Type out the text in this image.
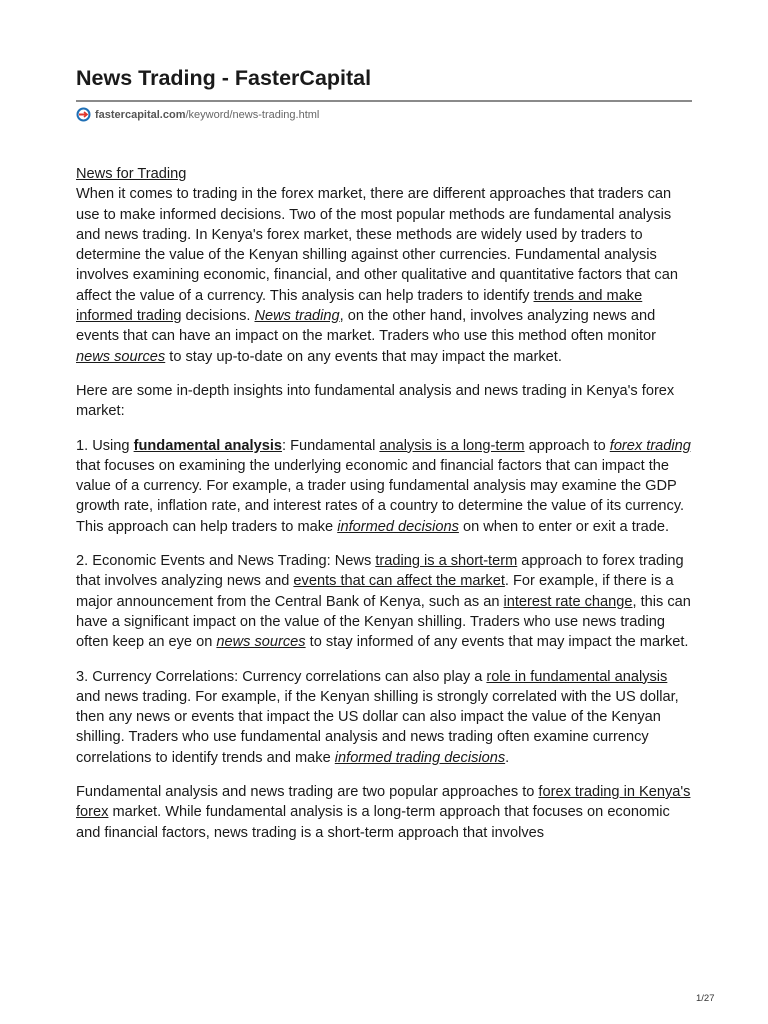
News Trading - FasterCapital
fastercapital.com /keyword/news-trading.html

News for Trading

When it comes to trading in the forex market, there are different approaches that traders can use to make informed decisions. Two of the most popular methods are fundamental analysis and news trading. In Kenya's forex market, these methods are widely used by traders to determine the value of the Kenyan shilling against other currencies. Fundamental analysis involves examining economic, financial, and other qualitative and quantitative factors that can affect the value of a currency. This analysis can help traders to identify trends and make informed trading decisions. News trading, on the other hand, involves analyzing news and events that can have an impact on the market. Traders who use this method often monitor news sources to stay up-to-date on any events that may impact the market.

Here are some in-depth insights into fundamental analysis and news trading in Kenya's forex market:

1. Using fundamental analysis: Fundamental analysis is a long-term approach to forex trading that focuses on examining the underlying economic and financial factors that can impact the value of a currency. For example, a trader using fundamental analysis may examine the GDP growth rate, inflation rate, and interest rates of a country to determine the value of its currency. This approach can help traders to make informed decisions on when to enter or exit a trade.

2. Economic Events and News Trading: News trading is a short-term approach to forex trading that involves analyzing news and events that can affect the market. For example, if there is a major announcement from the Central Bank of Kenya, such as an interest rate change, this can have a significant impact on the value of the Kenyan shilling. Traders who use news trading often keep an eye on news sources to stay informed of any events that may impact the market.

3. Currency Correlations: Currency correlations can also play a role in fundamental analysis and news trading. For example, if the Kenyan shilling is strongly correlated with the US dollar, then any news or events that impact the US dollar can also impact the value of the Kenyan shilling. Traders who use fundamental analysis and news trading often examine currency correlations to identify trends and make informed trading decisions.

Fundamental analysis and news trading are two popular approaches to forex trading in Kenya's forex market. While fundamental analysis is a long-term approach that focuses on economic and financial factors, news trading is a short-term approach that involves

1/27
